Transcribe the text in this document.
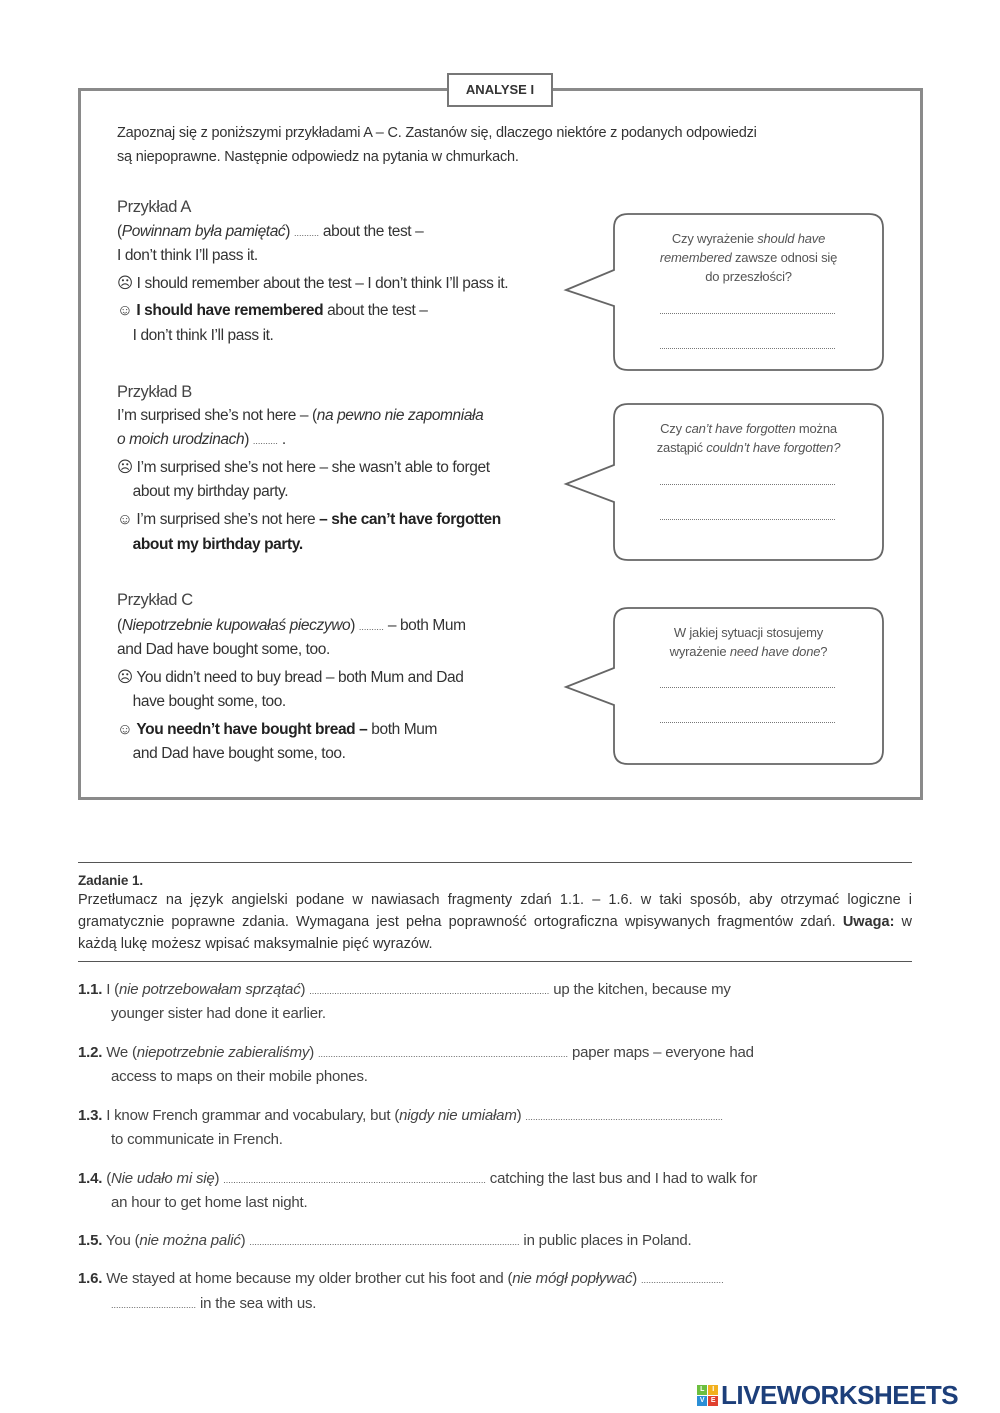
ANALYSE I
Zapoznaj się z poniższymi przykładami A – C. Zastanów się, dlaczego niektóre z podanych odpowiedzi
są niepoprawne. Następnie odpowiedz na pytania w chmurkach.
Przykład A
Przykład B
Przykład C
(Powinnam była pamiętać) .......... about the test –
I don’t think I’ll pass it.
☹ I should remember about the test – I don’t think I’ll pass it.
☺ I should have remembered about the test –
I don’t think I’ll pass it.
I’m surprised she’s not here – (na pewno nie zapomniała
o moich urodzinach) .......... .
☹ I’m surprised she’s not here – she wasn’t able to forget
about my birthday party.
☺ I’m surprised she’s not here – she can’t have forgotten
about my birthday party.
(Niepotrzebnie kupowałaś pieczywo) .......... – both Mum
and Dad have bought some, too.
☹ You didn’t need to buy bread – both Mum and Dad
have bought some, too.
☺ You needn’t have bought bread – both Mum
and Dad have bought some, too.
Czy wyrażenie should have
remembered zawsze odnosi się
do przeszłości?
Czy can’t have forgotten można
zastąpić couldn’t have forgotten?
W jakiej sytuacji stosujemy
wyrażenie need have done?
Zadanie 1.
Przetłumacz na język angielski podane w nawiasach fragmenty zdań 1.1. – 1.6. w taki sposób, aby otrzymać logiczne i gramatycznie poprawne zdania. Wymagana jest pełna poprawność ortograficzna wpisywanych fragmentów zdań. Uwaga: w każdą lukę możesz wpisać maksymalnie pięć wyrazów.
1.1. I (nie potrzebowałam sprzątać) ................................................................................................ up the kitchen, because my
younger sister had done it earlier.
1.2. We (niepotrzebnie zabieraliśmy) .................................................................................................... paper maps – everyone had
access to maps on their mobile phones.
1.3. I know French grammar and vocabulary, but (nigdy nie umiałam) ...............................................................................
to communicate in French.
1.4. (Nie udało mi się) ......................................................................................................... catching the last bus and I had to walk for
an hour to get home last night.
1.5. You (nie można palić) ............................................................................................................ in public places in Poland.
1.6. We stayed at home because my older brother cut his foot and (nie mógł popływać) .................................
.................................. in the sea with us.
L	I
V E LIVEWORKSHEETS
